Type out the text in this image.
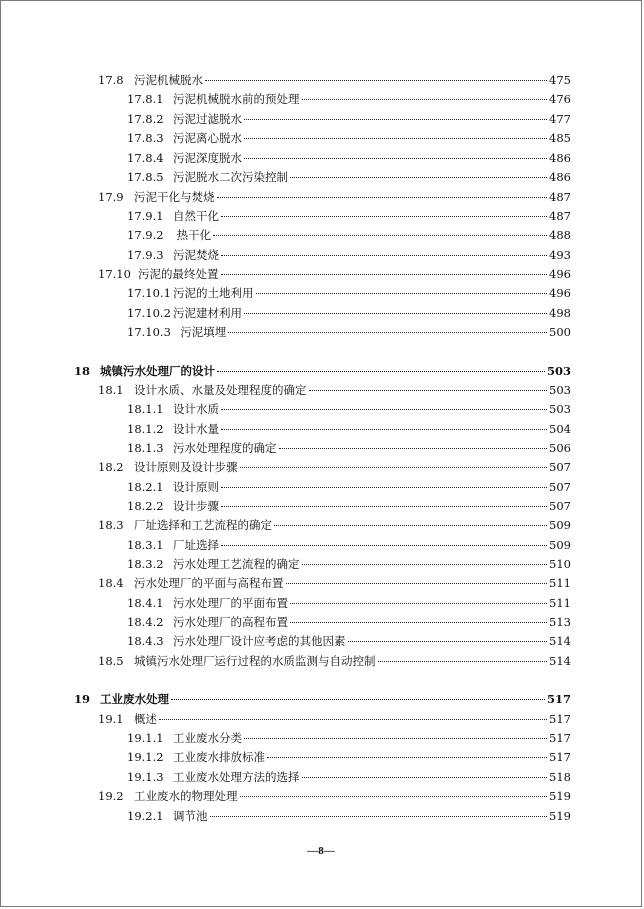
17.8 污泥机械脱水	475
17.8.1 污泥机械脱水前的预处理	476
17.8.2 污泥过滤脱水	477
17.8.3 污泥离心脱水	485
17.8.4 污泥深度脱水	486
17.8.5 污泥脱水二次污染控制	486
17.9 污泥干化与焚烧	487
17.9.1 自然干化	487
17.9.2 热干化	488
17.9.3 污泥焚烧	493
17.10 污泥的最终处置	496
17.10.1 污泥的土地利用	496
17.10.2 污泥建材利用	498
17.10.3 污泥填埋	500
18 城镇污水处理厂的设计	503
18.1 设计水质、水量及处理程度的确定	503
18.1.1 设计水质	503
18.1.2 设计水量	504
18.1.3 污水处理程度的确定	506
18.2 设计原则及设计步骤	507
18.2.1 设计原则	507
18.2.2 设计步骤	507
18.3 厂址选择和工艺流程的确定	509
18.3.1 厂址选择	509
18.3.2 污水处理工艺流程的确定	510
18.4 污水处理厂的平面与高程布置	511
18.4.1 污水处理厂的平面布置	511
18.4.2 污水处理厂的高程布置	513
18.4.3 污水处理厂设计应考虑的其他因素	514
18.5 城镇污水处理厂运行过程的水质监测与自动控制	514
19 工业废水处理	517
19.1 概述	517
19.1.1 工业废水分类	517
19.1.2 工业废水排放标准	517
19.1.3 工业废水处理方法的选择	518
19.2 工业废水的物理处理	519
19.2.1 调节池	519
—8—
